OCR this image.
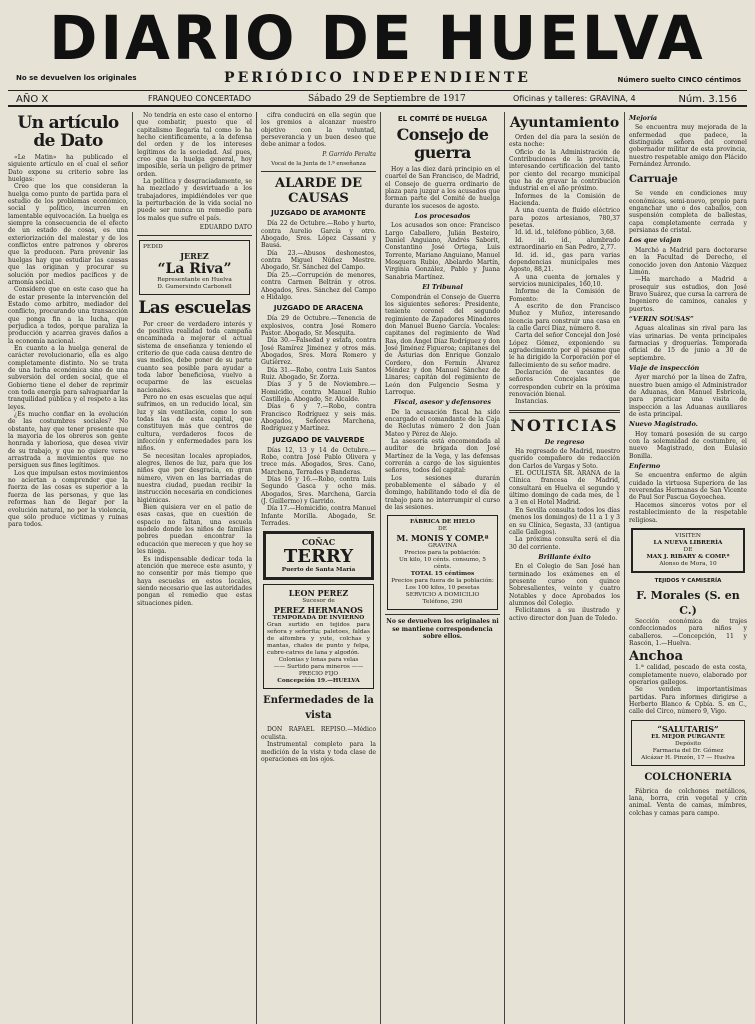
DIARIO DE HUELVA
No se devuelven los originales	PERIÓDICO INDEPENDIENTE	Número suelto CINCO céntimos
AÑO X	FRANQUEO CONCERTADO	Sábado 29 de Septiembre de 1917	Oficinas y talleres: GRAVINA, 4	Núm. 3.156
Un artículo de Dato

«Le Matin» ha publicado el siguiente artículo en el cual el señor Dato expone su criterio sobre las huelgas:

Creo que los que consideran la huelga como punto de partida para el estudio de los problemas económico, social y político, incurren en lamentable equivocación. La huelga es siempre la consecuencia de el efecto de un estado de cosas, es una exteriorización del malestar y de los conflictos entre patronos y obreros que la producen. Para prevenir las huelgas hay que estudiar las causas que las originan y procurar su solución por medios pacíficos y de armonía social.

Considero que en este caso que ha de estar presente la intervención del Estado como arbitro, mediador del conflicto, procurando una transacción que ponga fin a la lucha, que perjudica a todos, porque paraliza la producción y acarrea graves daños a la economía nacional.

En cuanto a la huelga general de carácter revolucionario, ella es algo completamente distinto. No se trata de una lucha económica sino de una subversión del orden social, que el Gobierno tiene el deber de reprimir con toda energía para salvaguardar la tranquilidad pública y el respeto a las leyes.

¿Es mucho confiar en la evolución de las costumbres sociales? No obstante, hay que tener presente que la mayoría de los obreros son gente honrada y laboriosa, que desea vivir de su trabajo, y que no quiere verse arrastrada a movimientos que no persiguen sus fines legítimos.

Los que impulsan estos movimientos no aciertan a comprender que la fuerza de las cosas es superior a la fuerza de las personas, y que las reformas han de llegar por la evolución natural, no por la violencia, que sólo produce víctimas y ruinas para todos.

No tendría en este caso el entorno que combatir, puesto que el capitalismo llegaría tal como lo ha hecho cientificamente, a la defensa del orden y de los intereses legítimos de la sociedad. Así pues, creo que la huelga general, hoy imposible, sería un peligro de primer orden.

La política y desgraciadamente, se ha mezclado y desvirtuado a los trabajadores, impidiéndoles ver que la perturbación de la vida social no puede ser nunca un remedio para los males que sufre el país.

EDUARDO DATO
PEDID
JEREZ
“La Riva”
Representante en Huelva
D. Gumersindo Carbonell
Las escuelas

Por creer de verdadero interés y de positiva realidad toda campaña encaminada a mejorar el actual sistema de enseñanza y teniendo el criterio de que cada causa dentro de sus medios, debe poner de su parte cuanto sea posible para ayudar a toda labor beneficiosa, vuelvo a ocuparme de las escuelas nacionales.

Pero no en esas escuelas que aquí sufrimos, en un reducido local, sin luz y sin ventilación, como lo son todas las de esta capital, que constituyen más que centros de cultura, verdaderos focos de infección y enfermedades para los niños.

Se necesitan locales apropiados, alegres, llenos de luz, para que los niños que por desgracia, en gran número, viven en las barriadas de nuestra ciudad, puedan recibir la instrucción necesaria en condiciones higiénicas.

Bien quisiera ver en el patio de esas casas, que en cuestión de espacio no faltan, una escuela modelo donde los niños de familias pobres puedan encontrar la educación que merecen y que hoy se les niega.

Es indispensable dedicar toda la atención que merece este asunto, y no consentir por más tiempo que haya escuelas en estos locales, siendo necesario que las autoridades pongan el remedio que estas situaciones piden.

cifra conducirá en ella según que los gremios a alcanzar nuestro objetivo con la voluntad, perseverancia y un buen deseo que debe animar a todos.

P. Garrido Peralta
Vocal de la Junta de I.ª enseñanza
ALARDE DE CAUSAS
JUZGADO DE AYAMONTE

Día 22 de Octubre.—Robo y hurto, contra Aurelio García y otro. Abogado, Sres. López Cassani y Bausá.

Día 23.—Abusos deshonestos, contra Miguel Núñez Mestre. Abogado, Sr. Sánchez del Campo.

Día 25.—Corrupción de menores, contra Carmen Beltrán y otros. Abogados, Sres. Sánchez del Campo e Hidalgo.

JUZGADO DE ARACENA

Día 29 de Octubre.—Tenencia de explosivos, contra José Romero Pastor. Abogado, Sr. Mesquita.

Día 30.—Falsedad y estafa, contra José Ramírez Jiménez y otros más. Abogados, Sres. Mora Romero y Gutiérrez.

Día 31.—Robo, contra Luis Santos Ruiz. Abogado, Sr. Zorza.

Días 3 y 5 de Noviembre.—Homicidio, contra Manuel Rubio Castilleja. Abogado, Sr. Alcalde.

Días 6 y 7.—Robo, contra Francisco Rodríguez y seis más. Abogados, Señores Marchena, Rodríguez y Martínez.

JUZGADO DE VALVERDE

Días 12, 13 y 14 de Octubre.—Robo, contra José Pablo Olivera y trece más. Abogados, Sres. Cano, Marchena, Terrades y Banderas.

Días 16 y 16.—Robo, contra Luis Segundo Gasca y ocho más. Abogados, Sres. Marchena, García (J. Guillermo) y Garrido.

Día 17.—Homicidio, contra Manuel Infante Morilla. Abogado, Sr. Terrades.

COÑAC
TERRY
Puerto de Santa María
LEON PEREZ
Sucesor de
PEREZ HERMANOS
TEMPORADA DE INVIERNO
Gran surtido en tejidos para señora y señorita; paletoes, faldas de alfombra y yute, colchas y mantas, chales de punto y felpa, cubre-catres de lana y algodón.
Colonias y lonas para velas
—— Surtido para mineros ——
PRECIO FIJO
Concepción 19.—HUELVA
Enfermedades de la vista

DON RAFAEL REPISO.—Médico oculista.

Instrumental completo para la medición de la vista y toda clase de operaciones en los ojos.

EL COMITÉ DE HUELGA
Consejo de guerra

Hoy a las diez dará principio en el cuartel de San Francisco, de Madrid, el Consejo de guerra ordinario de plaza para juzgar a los acusados que forman parte del Comité de huelga durante los sucesos de agosto.

Los procesados

Los acusados son once: Francisco Largo Caballero, Julián Besteiro, Daniel Anguiano, Andrés Saborit, Constantino José Ortega, Luis Torrente, Mariano Anguiano, Manuel Mosquera Rubio, Abelardo Martín, Virginia González, Pablo y Juana Sanabria Martínez.

El Tribunal

Compondrán el Consejo de Guerra los siguientes señores: Presidente, teniente coronel del segundo regimiento de Zapadores Minadores don Manuel Bueno García. Vocales: capitanes del regimiento de Wad Ras, don Ángel Díaz Rodríguez y don José Jiménez Figueroa; capitanes del de Asturias don Enrique Gonzalo Cordero, don Fermín Álvarez Méndez y don Manuel Sánchez de Linares; capitán del regimiento de León don Fulgencio Sesma y Larroque.

Fiscal, asesor y defensores

De la acusación fiscal ha sido encargado el comandante de la Caja de Reclutas número 2 don Juan Mateo y Pérez de Alejo.

La asesoría está encomendada al auditor de brigada don José Martínez de la Vega, y las defensas correrán a cargo de los siguientes señores, todos del capital:

Los sesiones durarán probablemente el sábado y el domingo, habilitando todo el día de trabajo para no interrumpir el curso de las sesiones.

FÁBRICA DE HIELO
DE
M. MONIS Y COMP.ª
GRAVINA
Precios para la población:
Un kilo, 10 cénts. consumo, 5 cénts.
TOTAL 15 céntimos
Precios para fuera de la población:
Los 100 kilos, 10 pesetas
SERVICIO A DOMICILIO
Teléfono, 290

No se devuelven los originales ni se mantiene correspondencia sobre ellos.

Ayuntamiento

Orden del día para la sesión de esta noche:

Oficio de la Administración de Contribuciones de la provincia, interesando certificación del tanto por ciento del recargo municipal que ha de gravar la contribución industrial en el año próximo.

Informes de la Comisión de Hacienda.

A una cuenta de fluido eléctrico para pozos artesianos, 780,37 pesetas.

Id. id. id., teléfono público, 3,68.

Id. id. id., alumbrado extraordinario en San Pedro, 2,77.

Id. id. id., gas para varias dependencias municipales mes Agosto, 88,21.

A una cuenta de jornales y servicios municipales, 160,10.

Informe de la Comisión de Fomento:

A escrito de don Francisco Muñoz y Muñoz, interesando licencia para construir una casa en la calle Garcí Díaz, número 8.

Carta del señor Concejal don José López Gómez, exponiendo su agradecimiento por el pésame que le ha dirigido la Corporación por el fallecimiento de su señor madre.

Declaración de vacantes de señores Concejales que corresponden cubrir en la próxima renovación bienal.

Instancias.

NOTICIAS
De regreso

Ha regresado de Madrid, nuestro querido compañero de redacción don Carlos de Vargas y Soto.

EL OCULISTA SR. ARANA de la Clínica francesa de Madrid, consultará en Huelva el segundo y último domingo de cada mes, de 1 a 3 en el Hotel Madrid.

En Sevilla consulta todos los días (menos los domingos) de 11 a 1 y 3 en su Clínica, Segasta, 33 (antigua calle Gallegos).

La próxima consulta será el día 30 del corriente.

Brillante éxito

En el Colegio de San José han terminado los exámenes en el presente curso con quince Sobresalientes, veinte y cuatro Notables y doce Aprobados los alumnos del Colegio.

Felicitamos a su ilustrado y activo director don Juan de Toledo.

Mejoría

Se encuentra muy mejorada de la enfermedad que padece, la distinguida señora del coronel gobernador militar de esta provincia, nuestro respetable amigo don Plácido Fernández Arrondo.

Carruaje

Se vende en condiciones muy económicas, semi-nuevo, propio para enganchar uno o dos caballos, con suspensión completa de ballestas, capa completamente cerrada y persianas de cristal.

Los que viajan

Marchó a Madrid para doctorarse en la Facultad de Derecho, el conocido joven don Antonio Vázquez Limón.

—Ha marchado a Madrid a prosequir sus estudios, don José Bravo Suárez, que cursa la carrera de Ingeniero de caminos, canales y puertos.

“VERIN SOUSAS”

Aguas alcalinas sin rival para las vías urinarias. De venta principales farmacias y droguerías. Temporada oficial de 15 de junio a 30 de septiembre.

Viaje de inspección

Ayer marchó por la línea de Zafra, nuestro buen amigo el Administrador de Aduanas, don Manuel Esbrícola, para practicar una visita de inspección a las Aduanas auxiliares de esta principal.

Nuevo Magistrado.

Hoy tomará posesión de su cargo con la solemnidad de costumbre, el nuevo Magistrado, don Eulasio Bonilla.

Enfermo

Se encuentra enfermo de algún cuidado la virtuosa Superiora de las reverendas Hermanas de San Vicente de Paul Sor Pascua Goyoechea.

Hacemos sinceros votos por el restablecimiento de la respetable religiosa.

VISITEN
LA NUEVA LIBRERÍA
DE
MAX J. RIBARY & COMP.ª
Alonso de Mora, 10
TEJIDOS Y CAMISERÍA
F. Morales (S. en C.)

Sección económica de trajes confeccionados para niños y caballeros. —Concepción, 11 y Rascón, 1.—Huelva.

Anchoa

1.ª calidad, pescado de esta costa, completamente nuevo, elaborado por operarios gallegos.

Se venden importantísimas partidas. Para informes dirigirse a Herberto Blanco & Cpbía. S. en C., calle del Circo, número 9, Vigo.

“SALUTARIS”
EL MEJOR PURGANTE
Depósito
Farmacia del Dr. Gómez
Alcázar H. Pinzón, 17 — Huelva
COLCHONERIA

Fábrica de colchones metálicos, lana, borra, crin vegetal y crin animal. Venta de camas, mimbres, colchas y camas para campo.
